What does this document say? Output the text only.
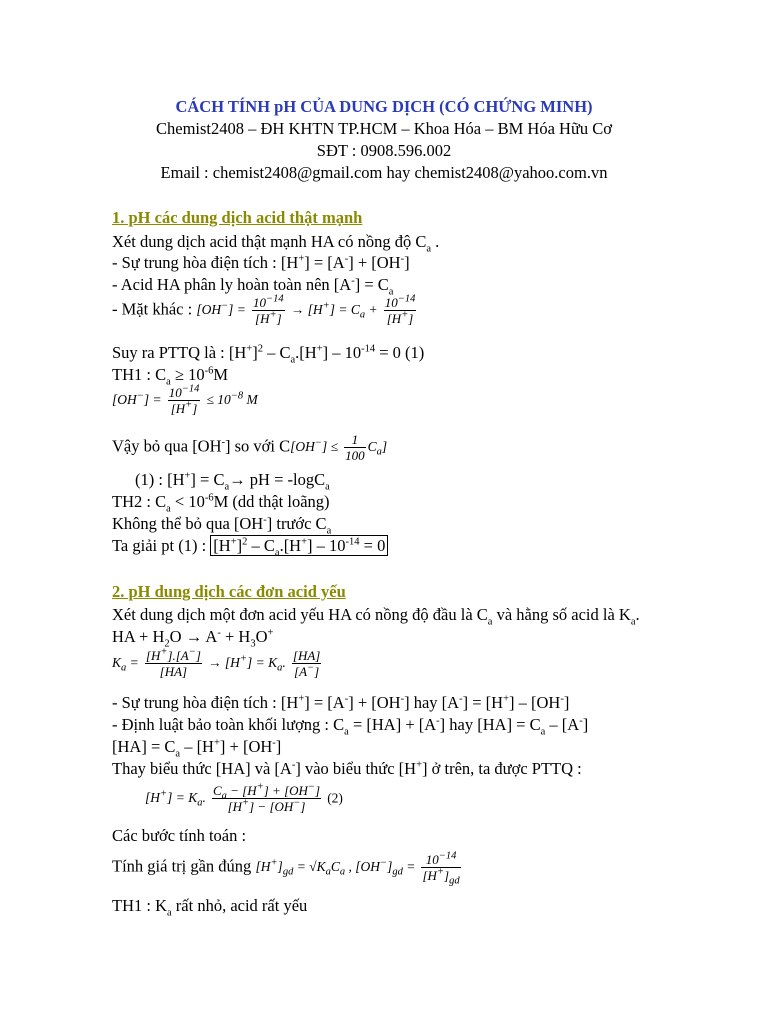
CÁCH TÍNH pH CỦA DUNG DỊCH (CÓ CHỨNG MINH)
Chemist2408 – ĐH KHTN TP.HCM – Khoa Hóa – BM Hóa Hữu Cơ
SĐT : 0908.596.002
Email : chemist2408@gmail.com hay chemist2408@yahoo.com.vn
1. pH các dung dịch acid thật mạnh
Xét dung dịch acid thật mạnh HA có nồng độ $C_a$ .
- Sự trung hòa điện tích : [H+] = [A-] + [OH-]
- Acid HA phân ly hoàn toàn nên $[A^-] = C_a$
- Mặt khác : $[OH^-] = \frac{10^{-14}}{[H^+]} \to [H^+] = C_a + \frac{10^{-14}}{[H^+]}$
Suy ra PTTQ là : $[H^+]^2 - C_a.[H^+] - 10^{-14} = 0$ (1)
TH1 : $C_a \ge 10^{-6}M$
$[OH^-] = \frac{10^{-14}}{[H^+]} \le 10^{-8}$ M
Vậy bỏ qua [OH-] so với $C[OH^-] \le \frac{1}{100} C_a$]
(1) : $[H^+] = C_a\to$ pH = -logC$_a$
TH2 : $C_a < 10^{-6}M$ (dd thật loãng)
Không thể bỏ qua [OH-] trước $C_a$
Ta giải pt (1) : $[H^+]^2 - C_a.[H^+] - 10^{-14} = 0$
2. pH dung dịch các đơn acid yếu
Xét dung dịch một đơn acid yếu HA có nồng độ đầu là $C_a$ và hằng số acid là $K_a$.
HA + $H_2O \to A^- + H_3O^+$
$K_a = \frac{[H^+].[A^-]}{[HA]} \to [H^+] = K_a$. $\frac{[HA]}{[A^-]}$
- Sự trung hòa điện tích : [H+] = [A-] + [OH-] hay [A-] = [H+] – [OH-]
- Định luật bảo toàn khối lượng : $C_a = [HA] + [A^-]$ hay $[HA] = C_a - [A^-]$
$[HA] = C_a - [H^+] + [OH^-]$
Thay biểu thức [HA] và [A-] vào biểu thức [H+] ở trên, ta được PTTQ :
$[H^+] = K_a$. $\frac{C_a - [H^+] + [OH^-]}{[H^+] - [OH^-]} (2)$
Các bước tính toán :
Tính giá trị gần đúng $[H^+]_{gd} = √K_aC_a$ , $[OH^-]_{gd} = \frac{10^{-14}}{[H^+]_{gd}}$
TH1 : $K_a$ rất nhỏ, acid rất yếu
